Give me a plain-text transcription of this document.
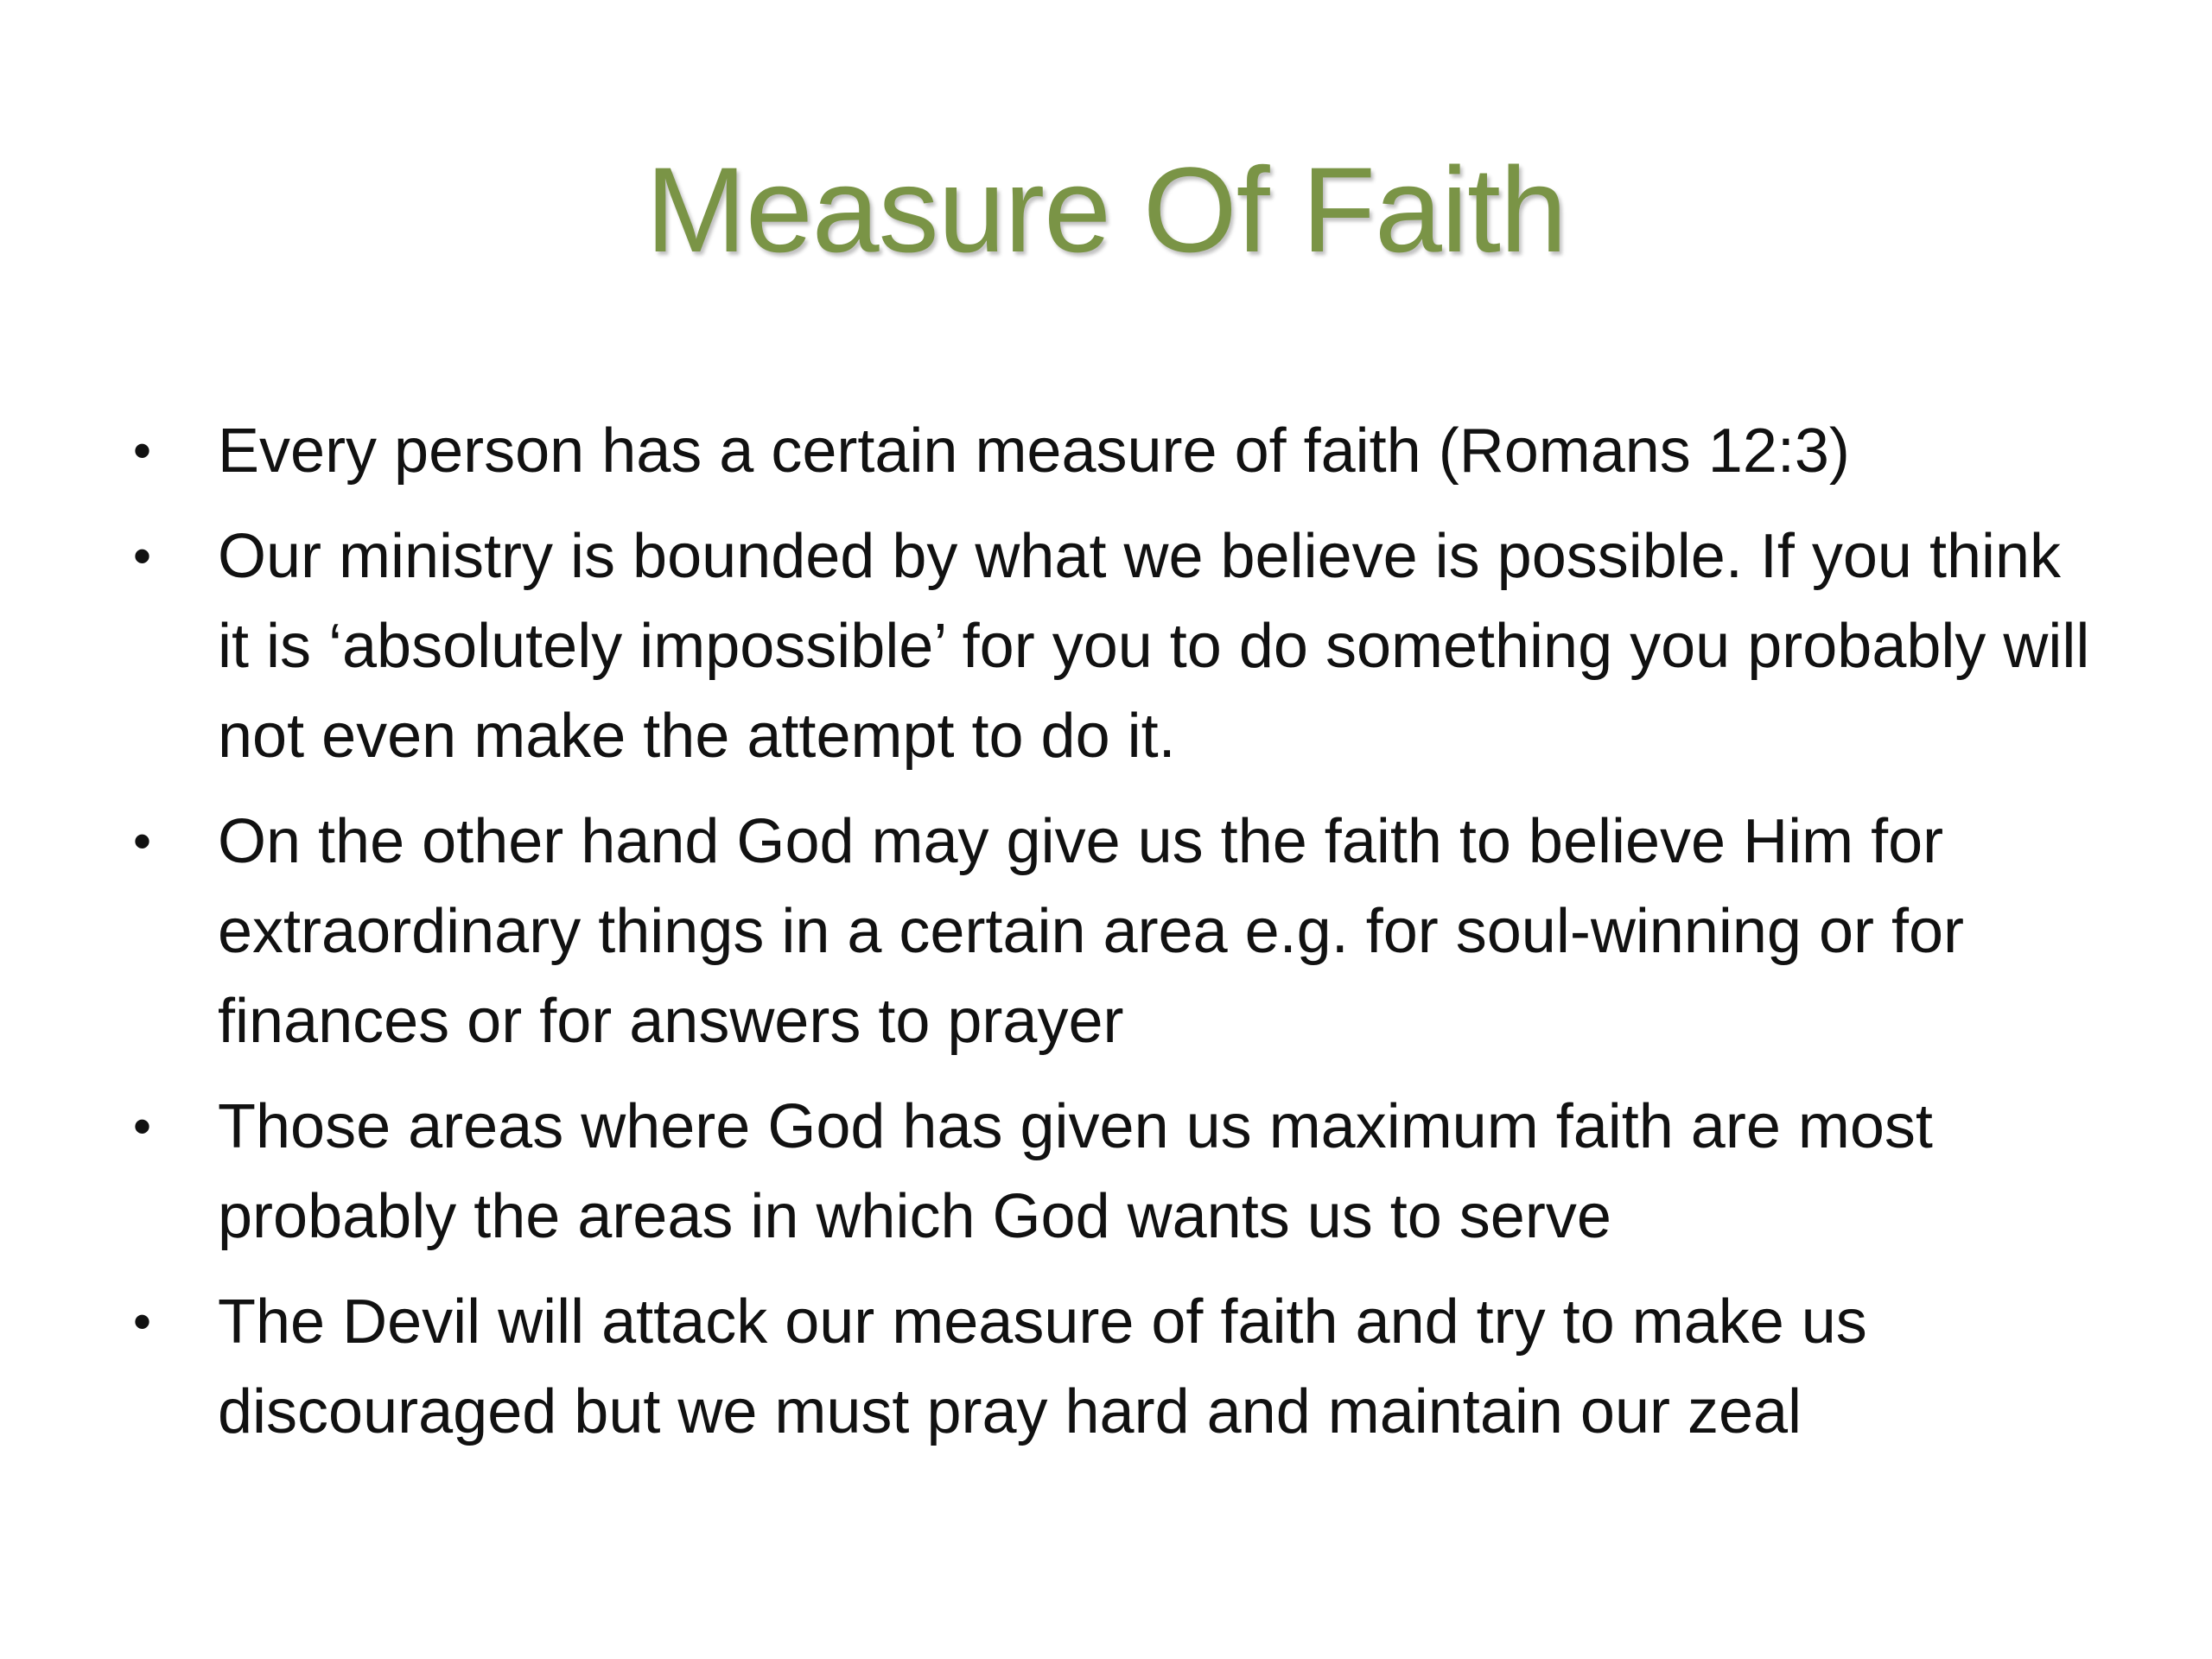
Measure Of Faith
• Every person has a certain measure of faith (Romans 12:3)
• Our ministry is bounded by what we believe is possible. If you think it is ‘absolutely impossible’ for you to do something you probably will not even make the attempt to do it.
• On the other hand God may give us the faith to believe Him for extraordinary things in a certain area e.g. for soul-winning or for finances or for answers to prayer
• Those areas where God has given us maximum faith are most probably the areas in which God wants us to serve
• The Devil will attack our measure of faith and try to make us discouraged but we must pray hard and maintain our zeal
